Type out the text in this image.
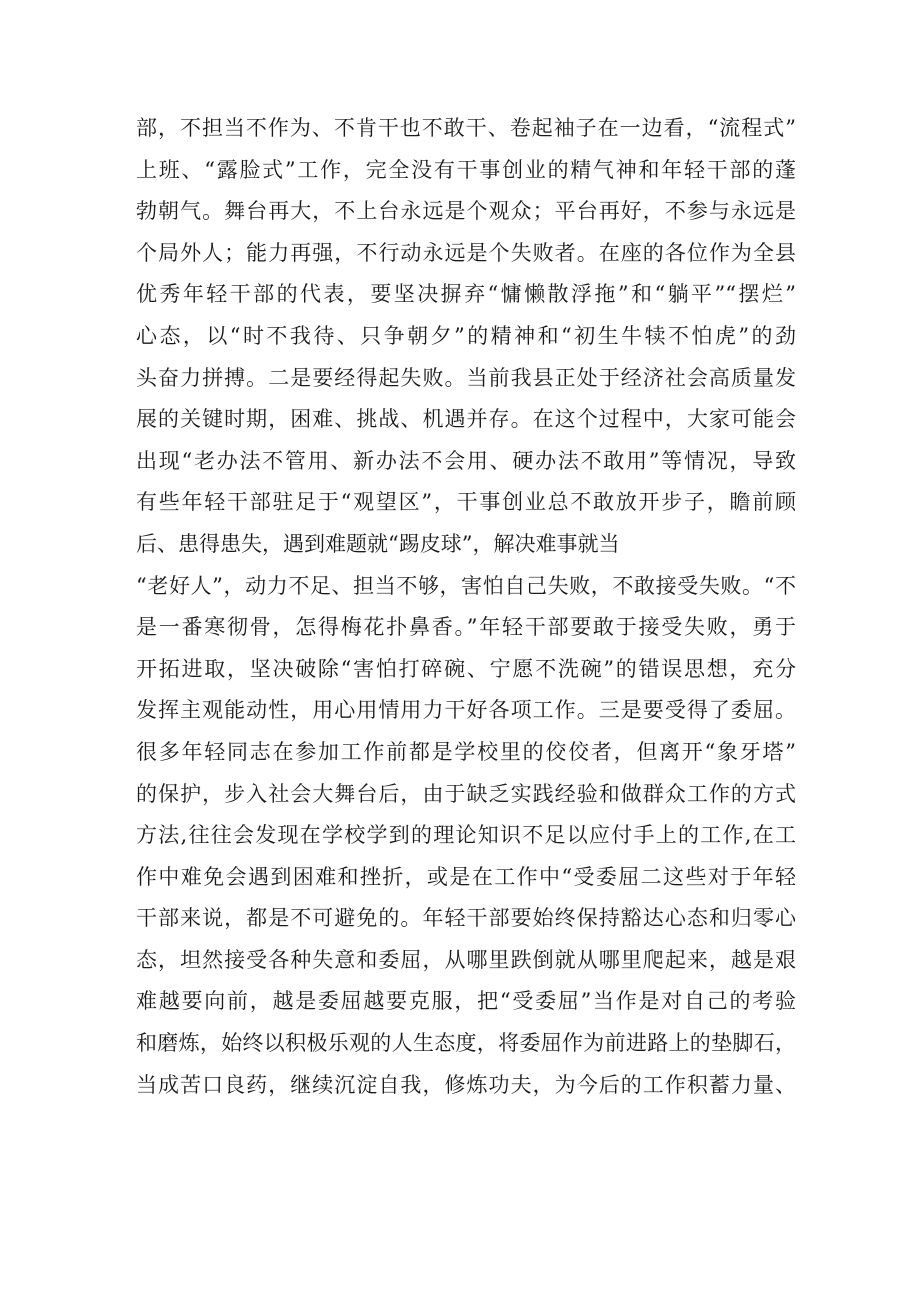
部，不担当不作为、不肯干也不敢干、卷起袖子在一边看，“流程式”
上班、“露脸式”工作，完全没有干事创业的精气神和年轻干部的蓬
勃朝气。舞台再大，不上台永远是个观众；平台再好，不参与永远是
个局外人；能力再强，不行动永远是个失败者。在座的各位作为全县
优秀年轻干部的代表，要坚决摒弃“慵懒散浮拖”和“躺平”“摆烂”
心态，以“时不我待、只争朝夕”的精神和“初生牛犊不怕虎”的劲
头奋力拼搏。二是要经得起失败。当前我县正处于经济社会高质量发
展的关键时期，困难、挑战、机遇并存。在这个过程中，大家可能会
出现“老办法不管用、新办法不会用、硬办法不敢用”等情况，导致
有些年轻干部驻足于“观望区”，干事创业总不敢放开步子，瞻前顾
后、患得患失，遇到难题就“踢皮球”，解决难事就当
“老好人”，动力不足、担当不够，害怕自己失败，不敢接受失败。“不
是一番寒彻骨，怎得梅花扑鼻香。”年轻干部要敢于接受失败，勇于
开拓进取，坚决破除“害怕打碎碗、宁愿不洗碗”的错误思想，充分
发挥主观能动性，用心用情用力干好各项工作。三是要受得了委屈。
很多年轻同志在参加工作前都是学校里的佼佼者，但离开“象牙塔”
的保护，步入社会大舞台后，由于缺乏实践经验和做群众工作的方式
方法,往往会发现在学校学到的理论知识不足以应付手上的工作,在工
作中难免会遇到困难和挫折，或是在工作中“受委屈二这些对于年轻
干部来说，都是不可避免的。年轻干部要始终保持豁达心态和归零心
态，坦然接受各种失意和委屈，从哪里跌倒就从哪里爬起来，越是艰
难越要向前，越是委屈越要克服，把“受委屈”当作是对自己的考验
和磨炼，始终以积极乐观的人生态度，将委屈作为前进路上的垫脚石，
当成苦口良药，继续沉淀自我，修炼功夫，为今后的工作积蓄力量、
